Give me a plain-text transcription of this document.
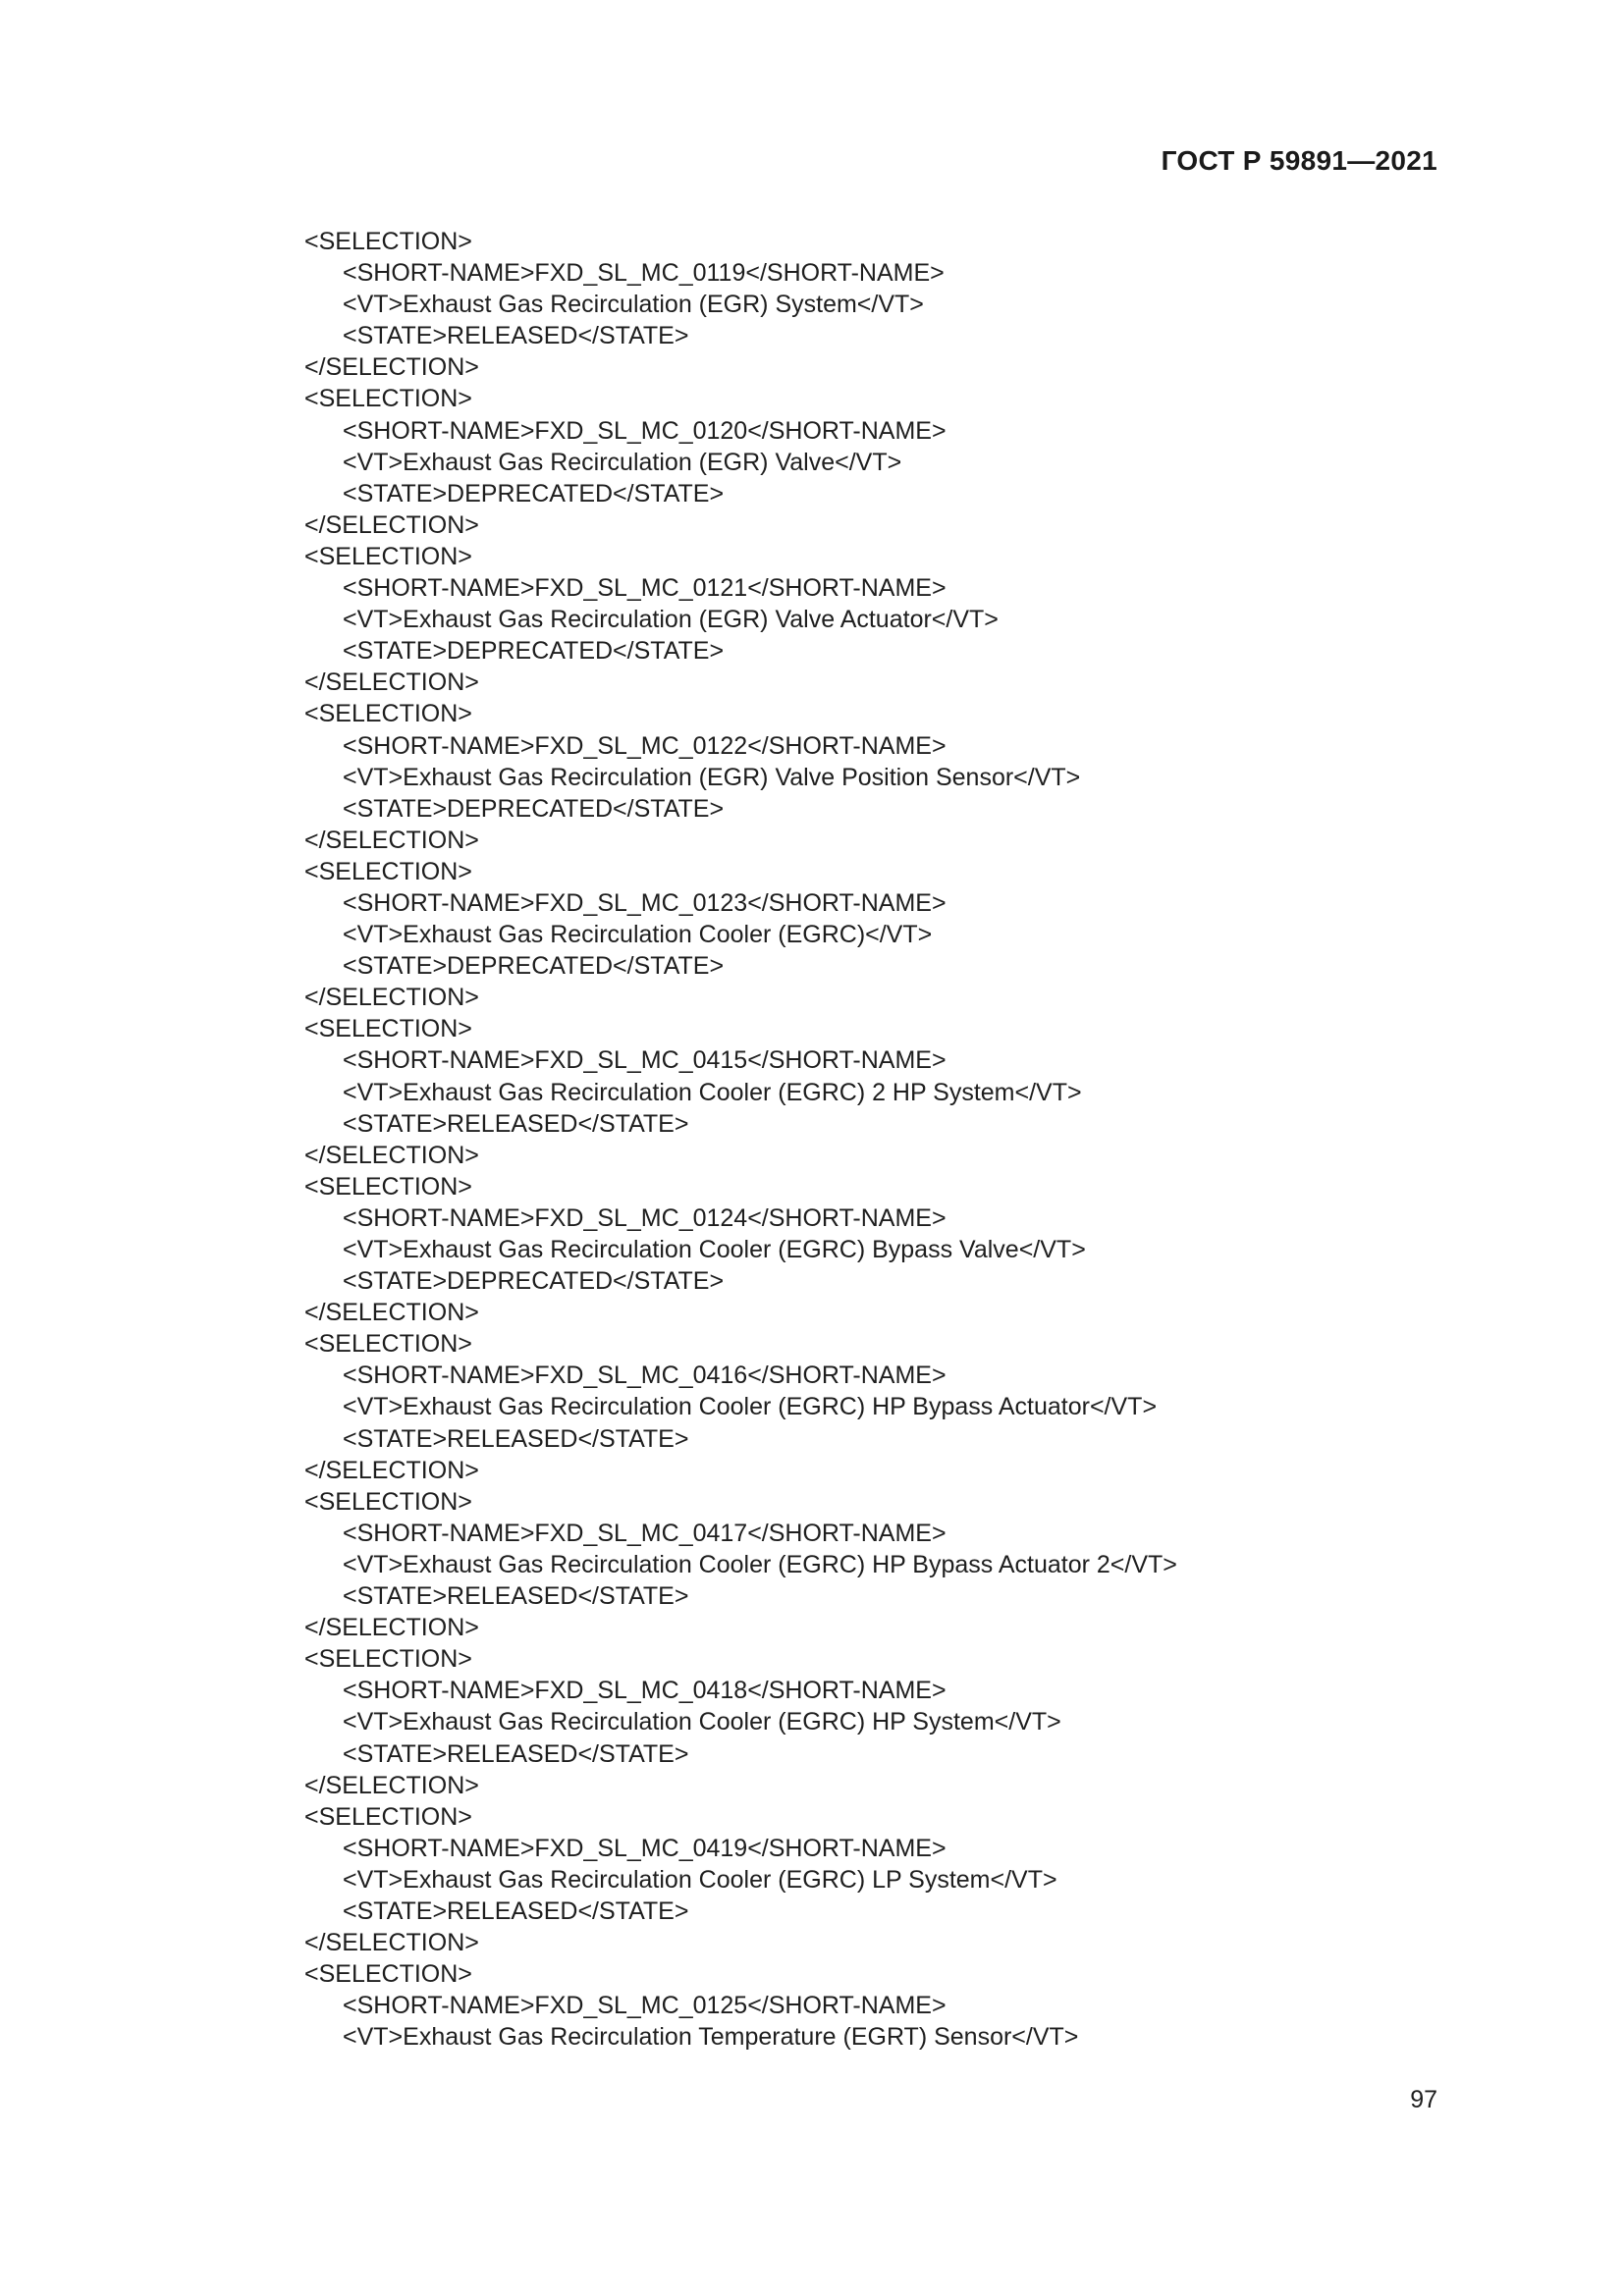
ГОСТ Р 59891—2021
<SELECTION>
<SHORT-NAME>FXD_SL_MC_0119</SHORT-NAME>
<VT>Exhaust Gas Recirculation (EGR) System</VT>
<STATE>RELEASED</STATE>
</SELECTION>
<SELECTION>
<SHORT-NAME>FXD_SL_MC_0120</SHORT-NAME>
<VT>Exhaust Gas Recirculation (EGR) Valve</VT>
<STATE>DEPRECATED</STATE>
</SELECTION>
<SELECTION>
<SHORT-NAME>FXD_SL_MC_0121</SHORT-NAME>
<VT>Exhaust Gas Recirculation (EGR) Valve Actuator</VT>
<STATE>DEPRECATED</STATE>
</SELECTION>
<SELECTION>
<SHORT-NAME>FXD_SL_MC_0122</SHORT-NAME>
<VT>Exhaust Gas Recirculation (EGR) Valve Position Sensor</VT>
<STATE>DEPRECATED</STATE>
</SELECTION>
<SELECTION>
<SHORT-NAME>FXD_SL_MC_0123</SHORT-NAME>
<VT>Exhaust Gas Recirculation Cooler (EGRC)</VT>
<STATE>DEPRECATED</STATE>
</SELECTION>
<SELECTION>
<SHORT-NAME>FXD_SL_MC_0415</SHORT-NAME>
<VT>Exhaust Gas Recirculation Cooler (EGRC) 2 HP System</VT>
<STATE>RELEASED</STATE>
</SELECTION>
<SELECTION>
<SHORT-NAME>FXD_SL_MC_0124</SHORT-NAME>
<VT>Exhaust Gas Recirculation Cooler (EGRC) Bypass Valve</VT>
<STATE>DEPRECATED</STATE>
</SELECTION>
<SELECTION>
<SHORT-NAME>FXD_SL_MC_0416</SHORT-NAME>
<VT>Exhaust Gas Recirculation Cooler (EGRC) HP Bypass Actuator</VT>
<STATE>RELEASED</STATE>
</SELECTION>
<SELECTION>
<SHORT-NAME>FXD_SL_MC_0417</SHORT-NAME>
<VT>Exhaust Gas Recirculation Cooler (EGRC) HP Bypass Actuator 2</VT>
<STATE>RELEASED</STATE>
</SELECTION>
<SELECTION>
<SHORT-NAME>FXD_SL_MC_0418</SHORT-NAME>
<VT>Exhaust Gas Recirculation Cooler (EGRC) HP System</VT>
<STATE>RELEASED</STATE>
</SELECTION>
<SELECTION>
<SHORT-NAME>FXD_SL_MC_0419</SHORT-NAME>
<VT>Exhaust Gas Recirculation Cooler (EGRC) LP System</VT>
<STATE>RELEASED</STATE>
</SELECTION>
<SELECTION>
<SHORT-NAME>FXD_SL_MC_0125</SHORT-NAME>
<VT>Exhaust Gas Recirculation Temperature (EGRT) Sensor</VT>
97
